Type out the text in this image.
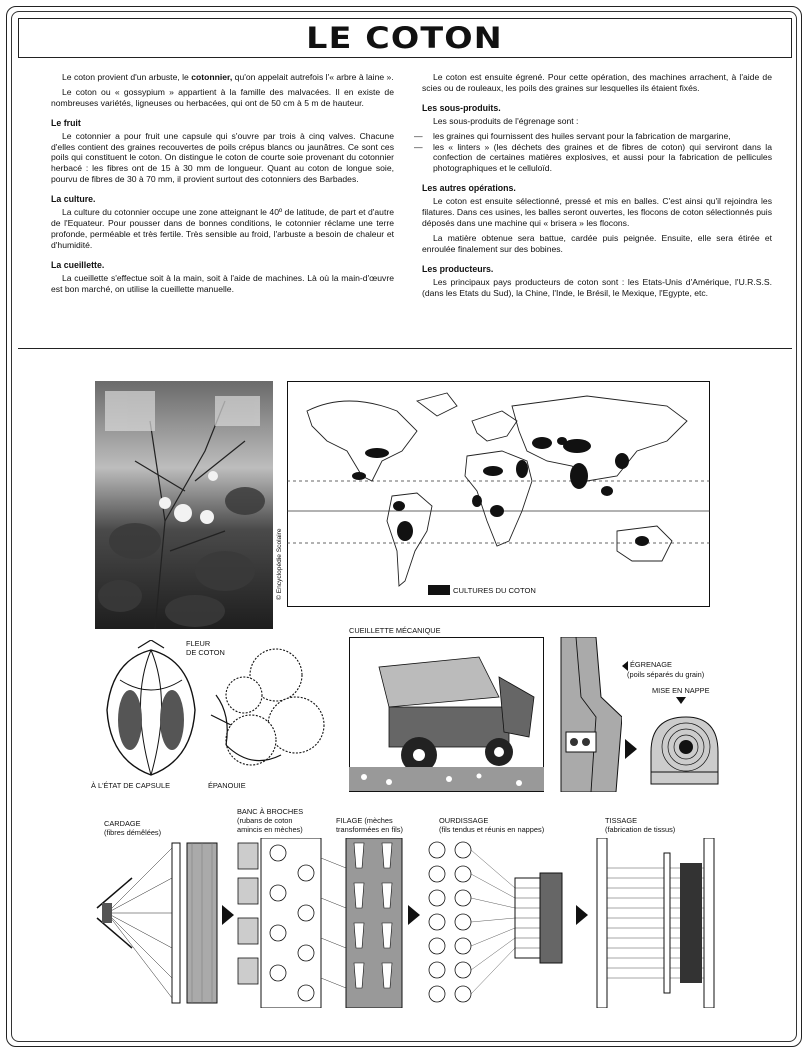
LE COTON

Le coton provient d'un arbuste, le cotonnier, qu'on appelait autrefois l'« arbre à laine ».

Le coton ou « gossypium » appartient à la famille des malvacées. Il en existe de nombreuses variétés, ligneuses ou herbacées, qui ont de 50 cm à 5 m de hauteur.

Le fruit

Le cotonnier a pour fruit une capsule qui s'ouvre par trois à cinq valves. Chacune d'elles contient des graines recouvertes de poils crépus blancs ou jaunâtres. Ce sont ces poils qui constituent le coton. On distingue le coton de courte soie provenant du cotonnier herbacé : les fibres ont de 15 à 30 mm de longueur. Quant au coton de longue soie, pourvu de fibres de 30 à 70 mm, il provient surtout des cotonniers des Barbades.

La culture.

La culture du cotonnier occupe une zone atteignant le 40º de latitude, de part et d'autre de l'Equateur. Pour pousser dans de bonnes conditions, le cotonnier réclame une terre profonde, perméable et très fertile. Très sensible au froid, l'arbuste a besoin de chaleur et d'humidité.

La cueillette.

La cueillette s'effectue soit à la main, soit à l'aide de machines. Là où la main-d'œuvre est bon marché, on utilise la cueillette manuelle.

Le coton est ensuite égrené. Pour cette opération, des machines arrachent, à l'aide de scies ou de rouleaux, les poils des graines sur lesquelles ils étaient fixés.

Les sous-produits.

Les sous-produits de l'égrenage sont :

— les graines qui fournissent des huiles servant pour la fabrication de margarine,
— les « linters » (les déchets des graines et de fibres de coton) qui serviront dans la confection de certaines matières explosives, et aussi pour la fabrication de pellicules photographiques et le celluloïd.
Les autres opérations.

Le coton est ensuite sélectionné, pressé et mis en balles. C'est ainsi qu'il rejoindra les filatures. Dans ces usines, les balles seront ouvertes, les flocons de coton sélectionnés puis déposés dans une machine qui « brisera » les flocons.

La matière obtenue sera battue, cardée puis peignée. Ensuite, elle sera étirée et enroulée finalement sur des bobines.

Les producteurs.

Les principaux pays producteurs de coton sont : les Etats-Unis d'Amérique, l'U.R.S.S. (dans les Etats du Sud), la Chine, l'Inde, le Brésil, le Mexique, l'Egypte, etc.

© Encyclopédie Scolaire	CULTURES DU COTON
FLEUR
DE COTON
À L'ÉTAT DE CAPSULE	ÉPANOUIE
CUEILLETTE MÉCANIQUE
ÉGRENAGE
(poils séparés du grain)
MISE EN NAPPE
CARDAGE
(fibres démêlées)
BANC À BROCHES
(rubans de coton
amincis en mèches)
FILAGE (mèches
transformées en fils)
OURDISSAGE
(fils tendus et réunis en nappes)
TISSAGE
(fabrication de tissus)
